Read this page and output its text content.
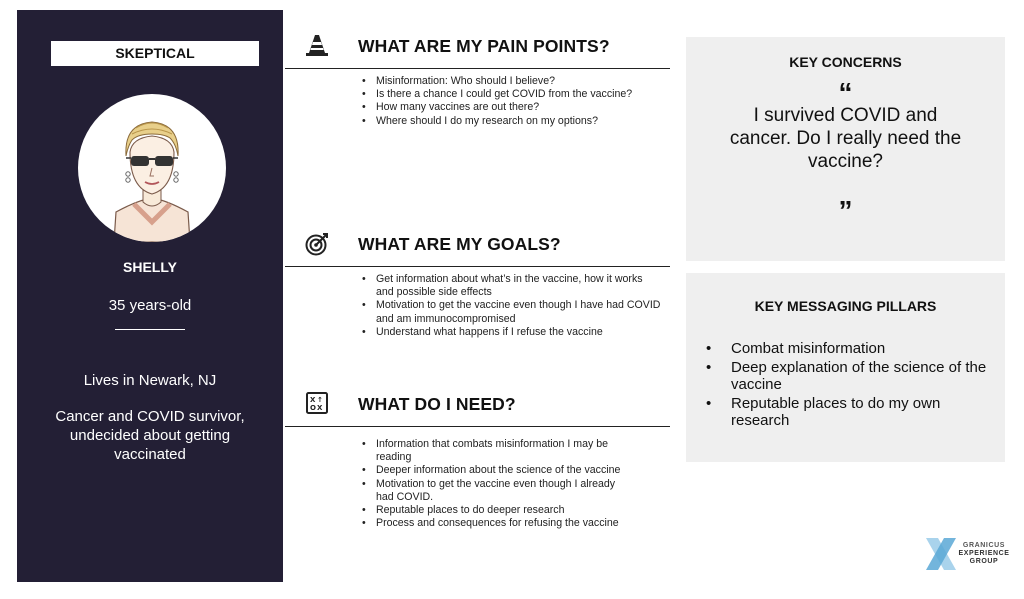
SKEPTICAL
SHELLY
35 years-old
Lives in Newark, NJ
Cancer and COVID survivor, undecided about getting vaccinated
WHAT ARE MY PAIN POINTS?
• Misinformation: Who should I believe?
• Is there a chance I could get COVID from the vaccine?
• How many vaccines are out there?
• Where should I do my research on my options?
WHAT ARE MY GOALS?
• Get information about what’s in the vaccine, how it works and possible side effects
• Motivation to get the vaccine even though I have had COVID and am immunocompromised
• Understand what happens if I refuse the vaccine
X ↑
O X WHAT DO I NEED?
• Information that combats misinformation I may be reading
• Deeper information about the science of the vaccine
• Motivation to get the vaccine even though I already had COVID.
• Reputable places to do deeper research
• Process and consequences for refusing the vaccine
KEY CONCERNS
“
I survived COVID and cancer. Do I really need the vaccine?
”
KEY MESSAGING PILLARS
• Combat misinformation
• Deep explanation of the science of the vaccine
• Reputable places to do my own research
GRANICUS
EXPERIENCE
GROUP
